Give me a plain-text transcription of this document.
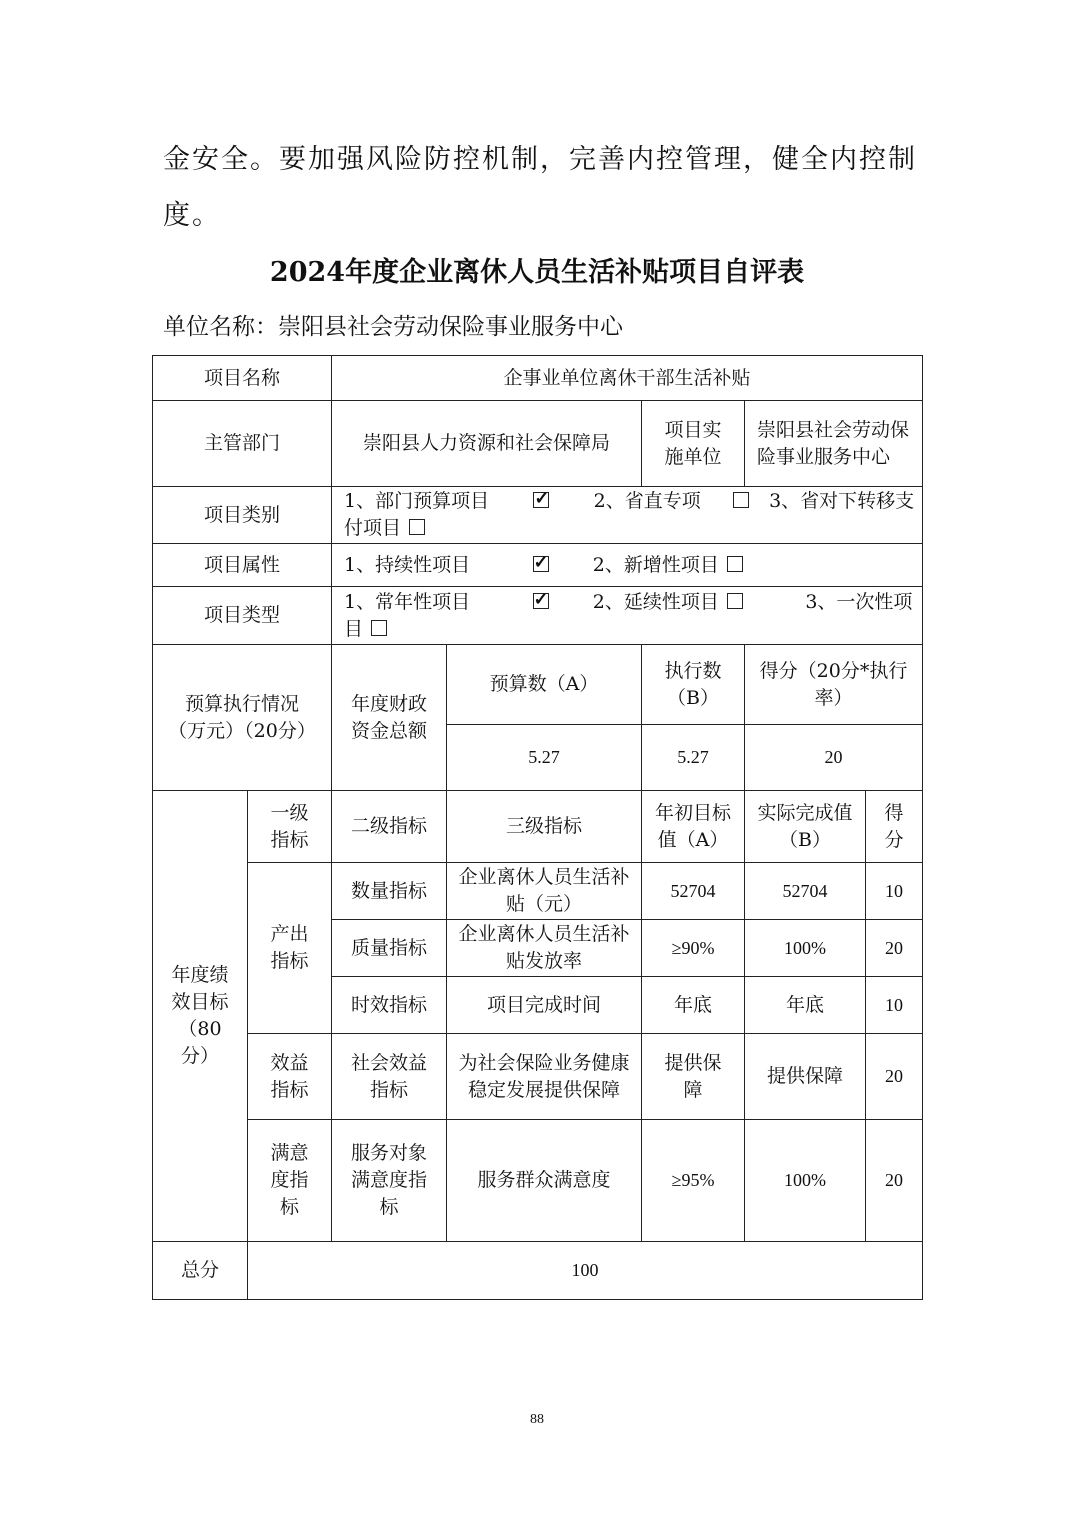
金安全。要加强风险防控机制，完善内控管理，健全内控制度。

2024年度企业离休人员生活补贴项目自评表

单位名称：崇阳县社会劳动保险事业服务中心

项目名称	企事业单位离休干部生活补贴			
主管部门	崇阳县人力资源和社会保障局		项目实施单位	崇阳县社会劳动保险事业服务中心
项目类别	1、部门预算项目 ✓ 2、省直专项 3、省对下转移支付项目
项目属性	1、持续性项目 ✓ 2、新增性项目
项目类型	1、常年性项目 ✓ 2、延续性项目 3、一次性项目
预算执行情况（万元）（20分）	年度财政资金总额	预算数（A）	执行数（B）	得分（20分*执行率）
		5.27	5.27	20
年度绩效目标（80分）	一级指标	二级指标	三级指标	年初目标值（A）	实际完成值（B）	得分
	产出指标	数量指标	企业离休人员生活补贴（元）	52704	52704	10
		质量指标	企业离休人员生活补贴发放率	≥90%	100%	20
		时效指标	项目完成时间	年底	年底	10
	效益指标	社会效益指标	为社会保险业务健康稳定发展提供保障	提供保障	提供保障	20
	满意度指标	服务对象满意度指标	服务群众满意度	≥95%	100%	20
总分	100					
88
